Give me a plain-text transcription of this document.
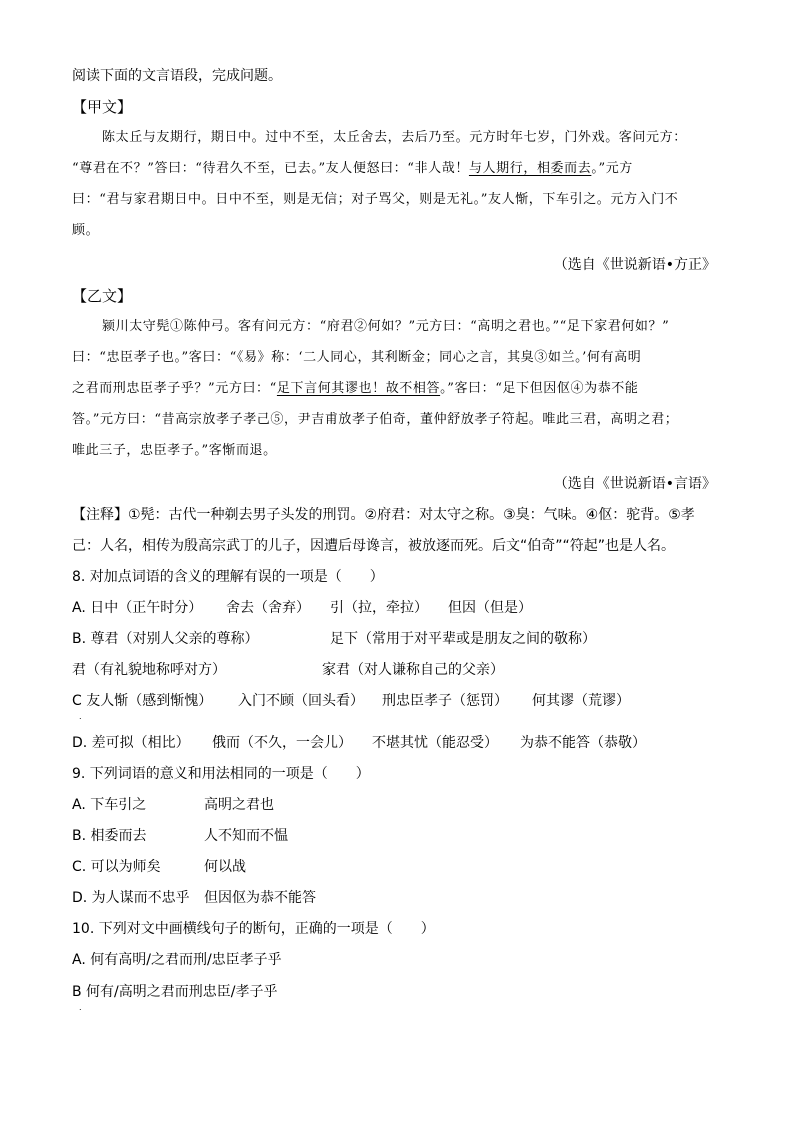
阅读下面的文言语段，完成问题。
【甲文】
陈太丘与友期行，期日中。过中不至，太丘舍去，去后乃至。元方时年七岁，门外戏。客问元方：
“尊君在不？”答曰：“待君久不至，已去。”友人便怒曰：“非人哉！与人期行，相委而去。”元方
曰：“君与家君期日中。日中不至，则是无信；对子骂父，则是无礼。”友人惭，下车引之。元方入门不
顾。
（选自《世说新语•方正》
【乙文】
颍川太守髡①陈仲弓。客有问元方：“府君②何如？”元方曰：“高明之君也。”“足下家君何如？”
曰：“忠臣孝子也。”客曰：“《易》称：‘二人同心，其利断金；同心之言，其臭③如兰。’何有高明
之君而刑忠臣孝子乎？”元方曰：“足下言何其谬也！故不相答。”客曰：“足下但因伛④为恭不能
答。”元方曰：“昔高宗放孝子孝己⑤，尹吉甫放孝子伯奇，董仲舒放孝子符起。唯此三君，高明之君；
唯此三子，忠臣孝子。”客惭而退。
（选自《世说新语•言语》
【注释】①髡：古代一种剃去男子头发的刑罚。②府君：对太守之称。③臭：气味。④伛：驼背。⑤孝
己：人名，相传为殷高宗武丁的儿子，因遭后母谗言，被放逐而死。后文“伯奇”“符起”也是人名。
8. 对加点词语的含义的理解有误的一项是（　　）
A. 日中（正午时分） 舍去（舍弃） 引（拉，牵拉） 但因（但是）
B. 尊君（对别人父亲的尊称）	足下（常用于对平辈或是朋友之间的敬称）
君（有礼貌地称呼对方）	家君（对人谦称自己的父亲）
C 友人惭（感到惭愧） 入门不顾（回头看） 刑忠臣孝子（惩罚） 何其谬（荒谬）
.
D. 差可拟（相比） 俄而（不久，一会儿） 不堪其忧（能忍受） 为恭不能答（恭敬）
9. 下列词语的意义和用法相同的一项是（　　）
A. 下车引之	高明之君也
B. 相委而去	人不知而不愠
C. 可以为师矣	何以战
D. 为人谋而不忠乎 但因伛为恭不能答
10. 下列对文中画横线句子的断句，正确的一项是（　　）
A. 何有高明/之君而刑/忠臣孝子乎
B 何有/高明之君而刑忠臣/孝子乎
.
